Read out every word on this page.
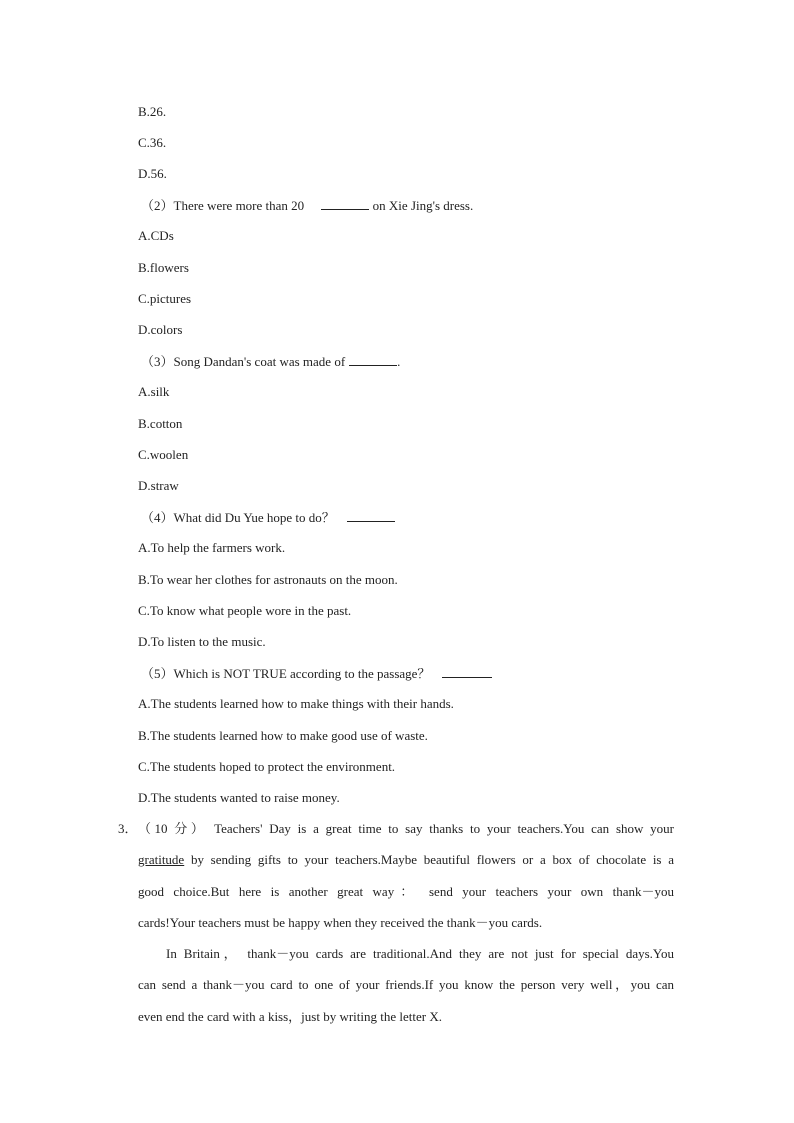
B.26.
C.36.
D.56.
（2）There were more than 20	on Xie Jing's dress.
A.CDs
B.flowers
C.pictures
D.colors
（3）Song Dandan's coat was made of	.
A.silk
B.cotton
C.woolen
D.straw
（4）What did Du Yue hope to do？
A.To help the farmers work.
B.To wear her clothes for astronauts on the moon.
C.To know what people wore in the past.
D.To listen to the music.
（5）Which is NOT TRUE according to the passage？
A.The students learned how to make things with their hands.
B.The students learned how to make good use of waste.
C.The students hoped to protect the environment.
D.The students wanted to raise money.
3． （10 分） Teachers' Day is a great time to say thanks to your teachers.You can show your
gratitude by sending gifts to your teachers.Maybe beautiful flowers or a box of chocolate is a
good choice.But here is another great way： send your teachers your own thank－you
cards!Your teachers must be happy when they received the thank－you cards.
In Britain， thank－you cards are traditional.And they are not just for special days.You
can send a thank－you card to one of your friends.If you know the person very well，you can
even end the card with a kiss，just by writing the letter X.
